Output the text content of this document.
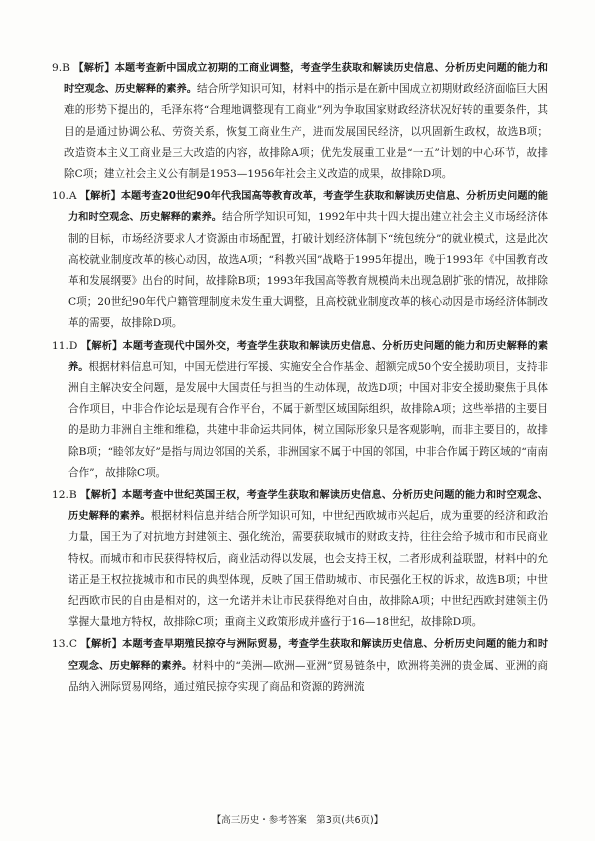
9.B 【解析】本题考查新中国成立初期的工商业调整，考查学生获取和解读历史信息、分析历史问题的能力和时空观念、历史解释的素养。结合所学知识可知，材料中的指示是在新中国成立初期财政经济面临巨大困难的形势下提出的，毛泽东将“合理地调整现有工商业”列为争取国家财政经济状况好转的重要条件，其目的是通过协调公私、劳资关系，恢复工商业生产，进而发展国民经济，以巩固新生政权，故选B项；改造资本主义工商业是三大改造的内容，故排除A项；优先发展重工业是“一五”计划的中心环节，故排除C项；建立社会主义公有制是1953—1956年社会主义改造的成果，故排除D项。

10.A 【解析】本题考查20世纪90年代我国高等教育改革，考查学生获取和解读历史信息、分析历史问题的能力和时空观念、历史解释的素养。结合所学知识可知，1992年中共十四大提出建立社会主义市场经济体制的目标，市场经济要求人才资源由市场配置，打破计划经济体制下“统包统分”的就业模式，这是此次高校就业制度改革的核心动因，故选A项；“科教兴国”战略于1995年提出，晚于1993年《中国教育改革和发展纲要》出台的时间，故排除B项；1993年我国高等教育规模尚未出现急剧扩张的情况，故排除C项；20世纪90年代户籍管理制度未发生重大调整，且高校就业制度改革的核心动因是市场经济体制改革的需要，故排除D项。

11.D 【解析】本题考查现代中国外交，考查学生获取和解读历史信息、分析历史问题的能力和历史解释的素养。根据材料信息可知，中国无偿进行军援、实施安全合作基金、超额完成50个安全援助项目，支持非洲自主解决安全问题，是发展中大国责任与担当的生动体现，故选D项；中国对非安全援助聚焦于具体合作项目，中非合作论坛是现有合作平台，不属于新型区域国际组织，故排除A项；这些举措的主要目的是助力非洲自主维和维稳，共建中非命运共同体，树立国际形象只是客观影响，而非主要目的，故排除B项；“睦邻友好”是指与周边邻国的关系，非洲国家不属于中国的邻国，中非合作属于跨区域的“南南合作”，故排除C项。

12.B 【解析】本题考查中世纪英国王权，考查学生获取和解读历史信息、分析历史问题的能力和时空观念、历史解释的素养。根据材料信息并结合所学知识可知，中世纪西欧城市兴起后，成为重要的经济和政治力量，国王为了对抗地方封建领主、强化统治，需要获取城市的财政支持，往往会给予城市和市民商业特权。而城市和市民获得特权后，商业活动得以发展，也会支持王权，二者形成利益联盟，材料中的允诺正是王权拉拢城市和市民的典型体现，反映了国王借助城市、市民强化王权的诉求，故选B项；中世纪西欧市民的自由是相对的，这一允诺并未让市民获得绝对自由，故排除A项；中世纪西欧封建领主仍掌握大量地方特权，故排除C项；重商主义政策形成并盛行于16—18世纪，故排除D项。

13.C 【解析】本题考查早期殖民掠夺与洲际贸易，考查学生获取和解读历史信息、分析历史问题的能力和时空观念、历史解释的素养。材料中的“美洲—欧洲—亚洲”贸易链条中，欧洲将美洲的贵金属、亚洲的商品纳入洲际贸易网络，通过殖民掠夺实现了商品和资源的跨洲流

【高三历史・参考答案　第3页(共6页)】
